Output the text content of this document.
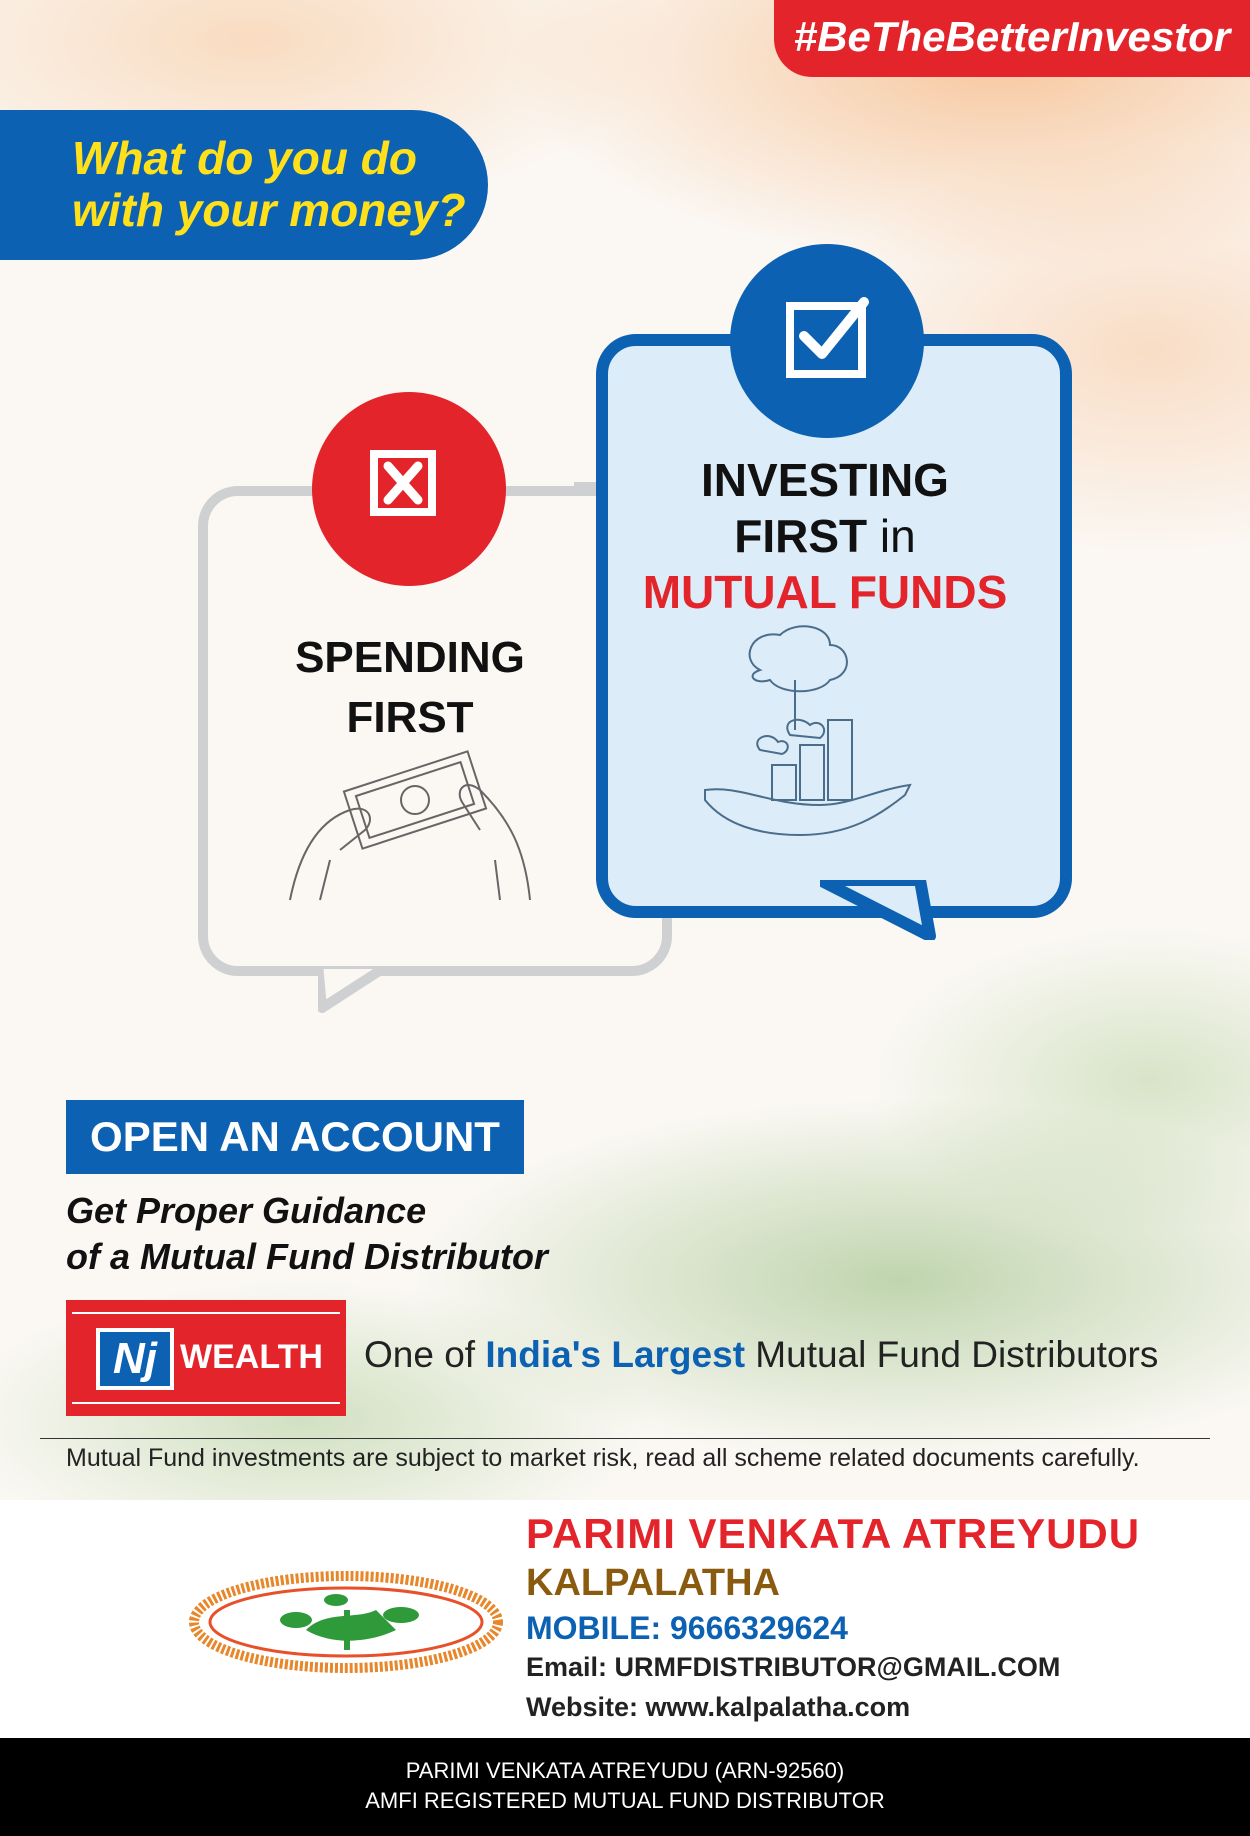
#BeTheBetterInvestor
What do you do
with your money?
SPENDING
FIRST
INVESTING
FIRST in
MUTUAL FUNDS
OPEN AN ACCOUNT
Get Proper Guidance
of a Mutual Fund Distributor
Nj WEALTH One of India's Largest Mutual Fund Distributors
Mutual Fund investments are subject to market risk, read all scheme related documents carefully.
PARIMI VENKATA ATREYUDU
KALPALATHA
MOBILE: 9666329624
Email: URMFDISTRIBUTOR@GMAIL.COM
Website: www.kalpalatha.com
PARIMI VENKATA ATREYUDU (ARN-92560)
AMFI REGISTERED MUTUAL FUND DISTRIBUTOR
